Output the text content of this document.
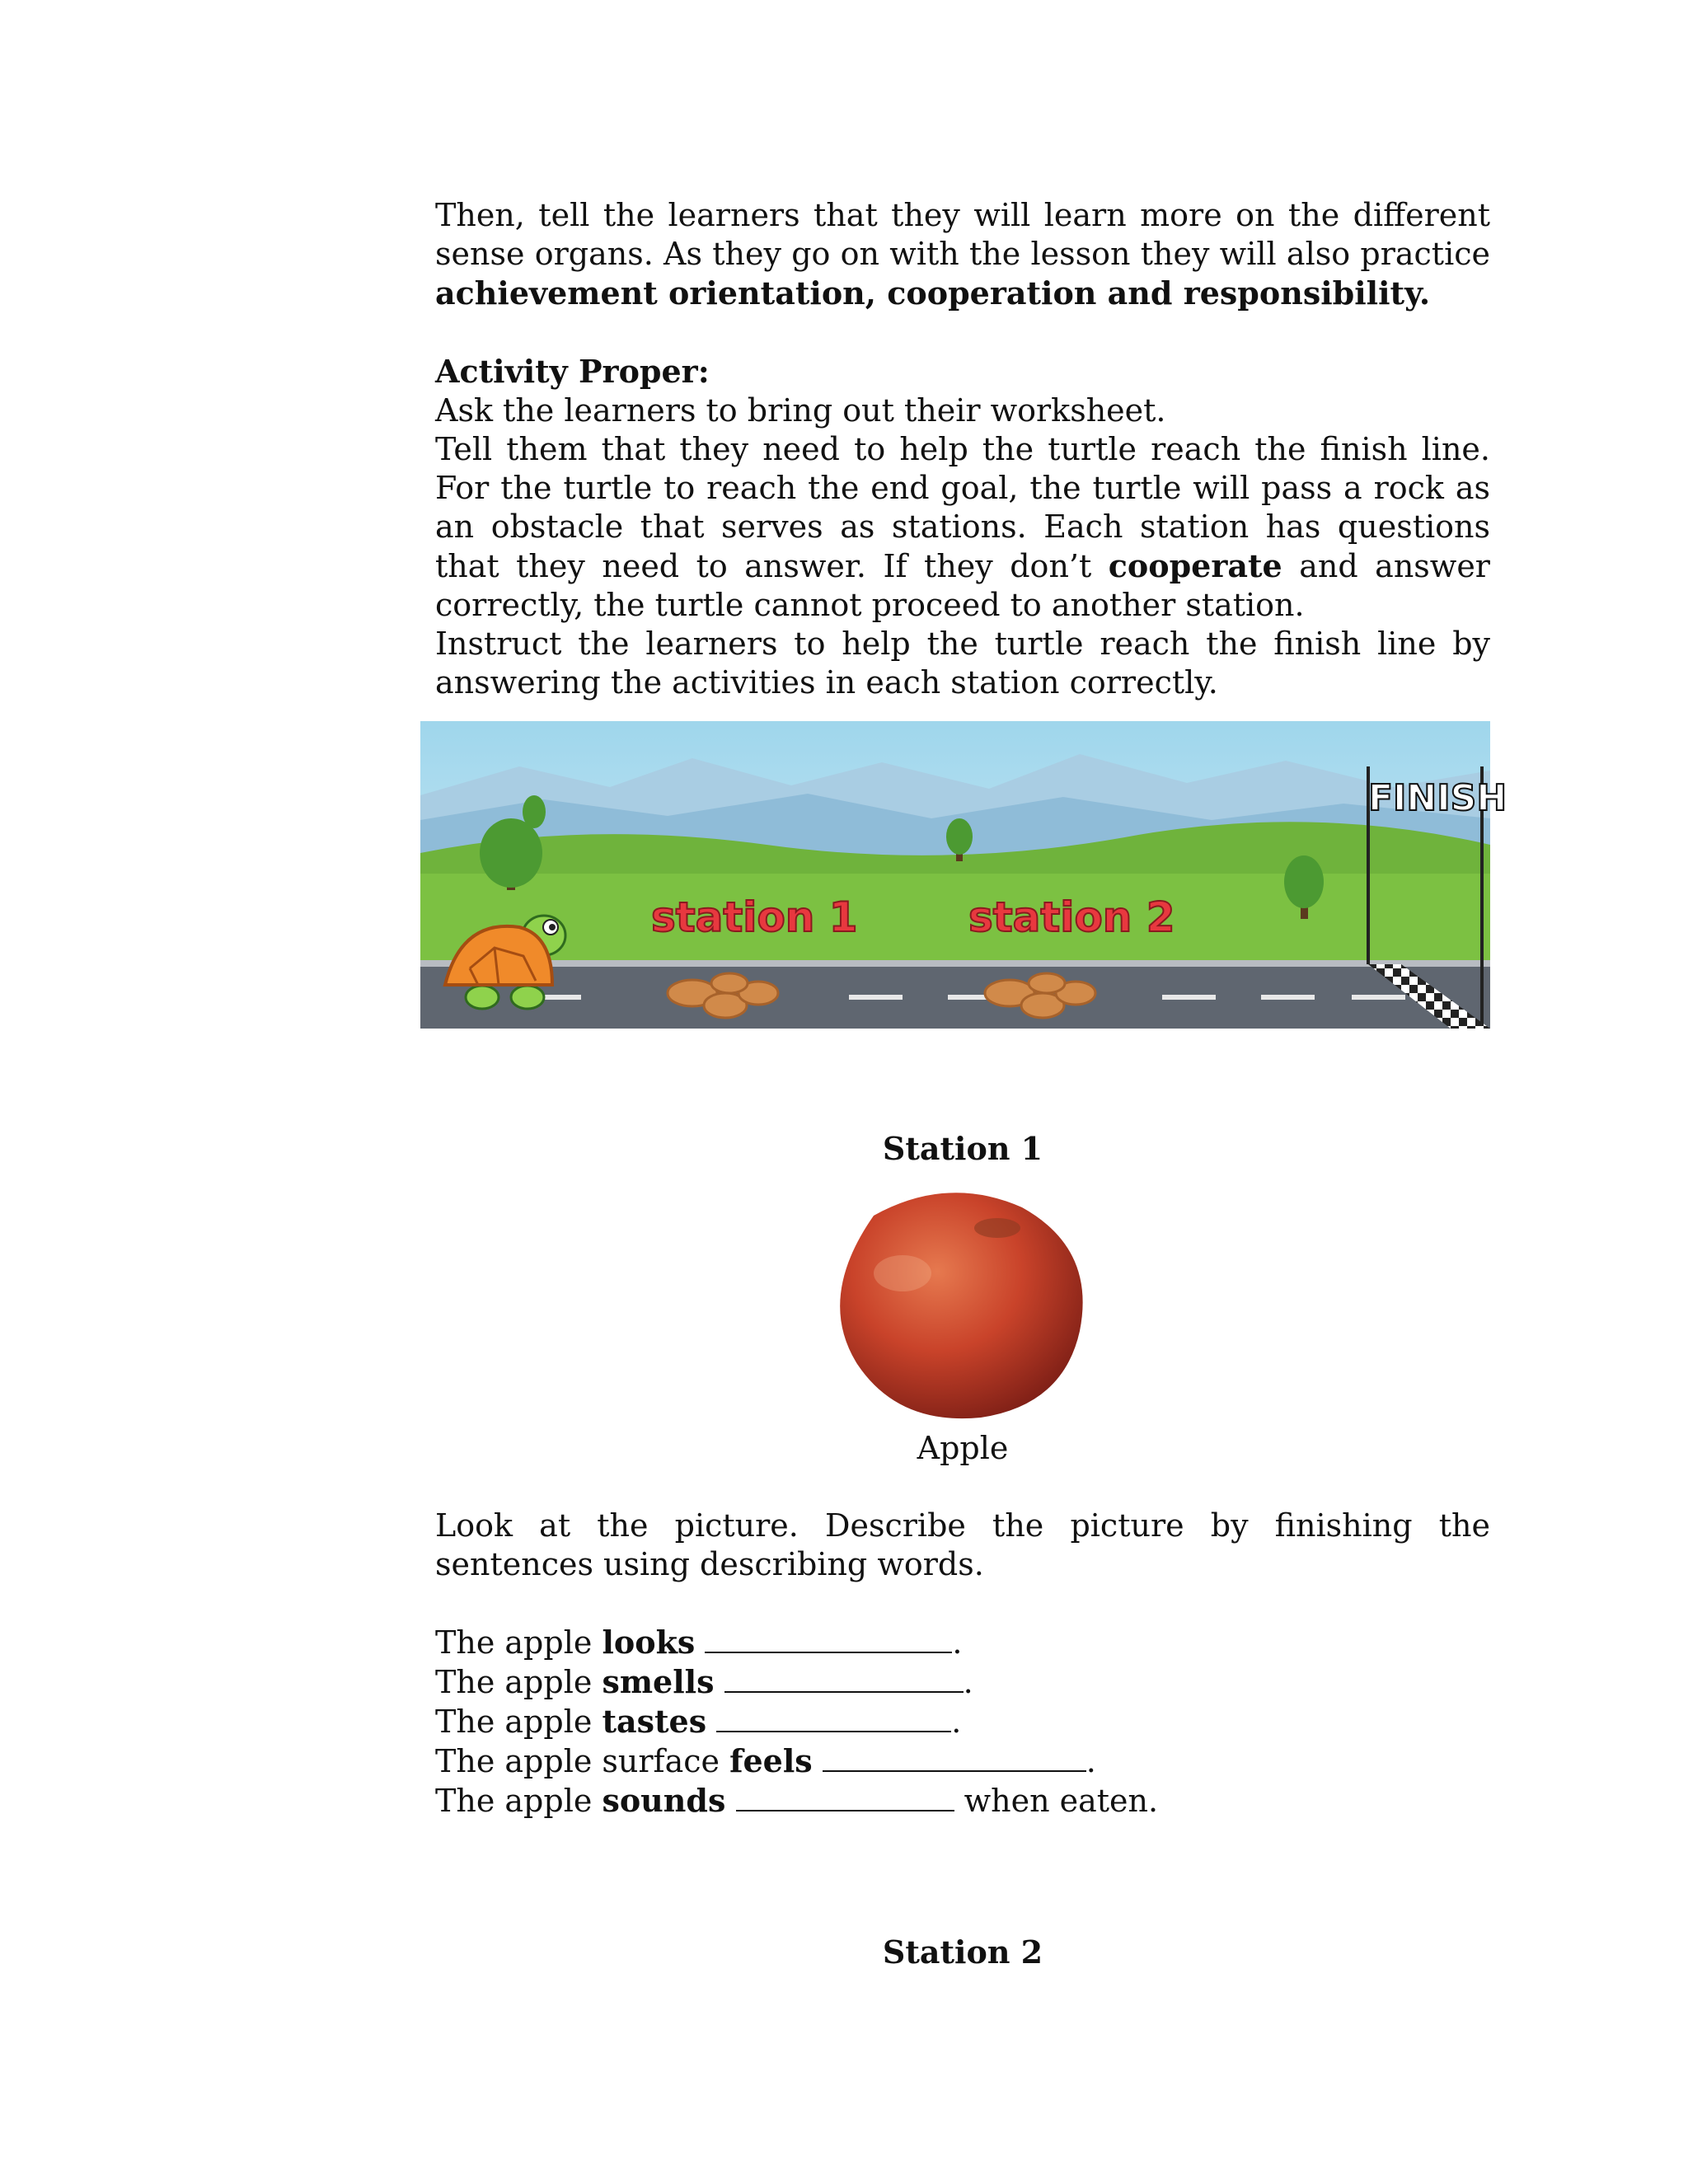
Then, tell the learners that they will learn more on the different sense organs. As they go on with the lesson they will also practice achievement orientation, cooperation and responsibility.

Activity Proper:

Ask the learners to bring out their worksheet.

Tell them that they need to help the turtle reach the finish line. For the turtle to reach the end goal, the turtle will pass a rock as an obstacle that serves as stations. Each station has questions that they need to answer. If they don’t cooperate and answer correctly, the turtle cannot proceed to another station.

Instruct the learners to help the turtle reach the finish line by answering the activities in each station correctly.

station 1	station 2
FINISH

Station 1

Apple

Look at the picture. Describe the picture by finishing the sentences using describing words.

The apple looks	.

The apple smells	.

The apple tastes	.

The apple surface feels	.

The apple sounds	when eaten.

Station 2
